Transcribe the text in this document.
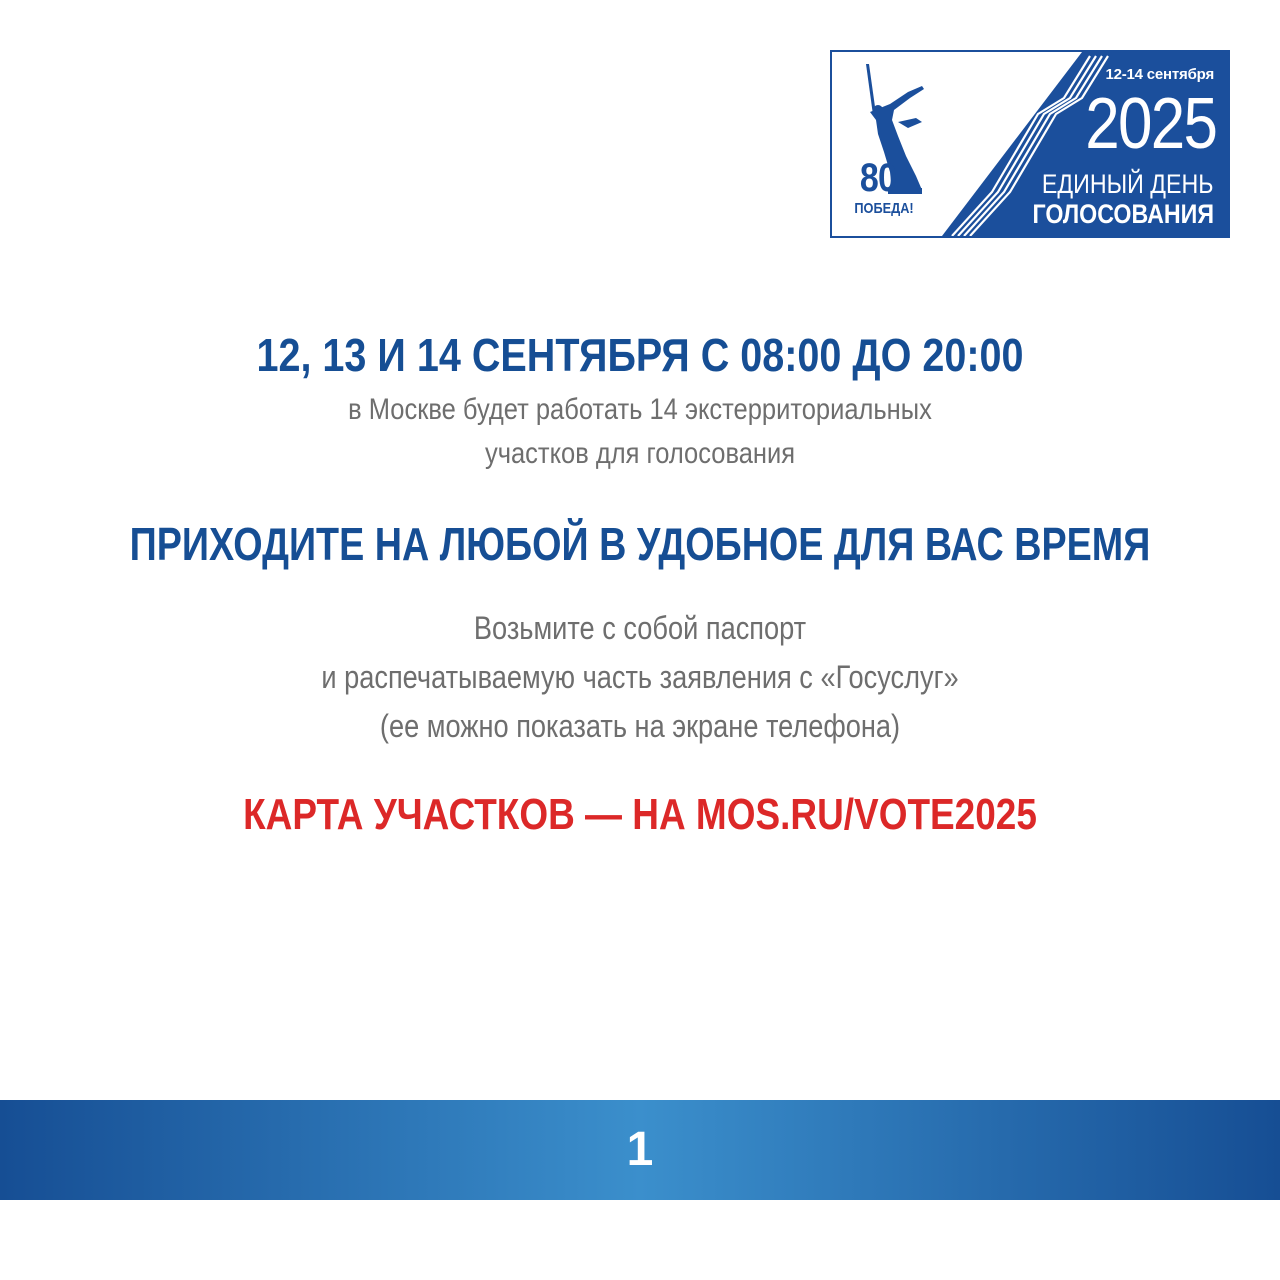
12-14 сентября
2025
ЕДИНЫЙ ДЕНЬ
ГОЛОСОВАНИЯ
80
ПОБЕДА!
12, 13 И 14 СЕНТЯБРЯ С 08:00 ДО 20:00
в Москве будет работать 14 экстерриториальных
участков для голосования
ПРИХОДИТЕ НА ЛЮБОЙ В УДОБНОЕ ДЛЯ ВАС ВРЕМЯ
Возьмите с собой паспорт
и распечатываемую часть заявления с «Госуслуг»
(ее можно показать на экране телефона)
КАРТА УЧАСТКОВ — НА MOS.RU/VOTE2025
1
